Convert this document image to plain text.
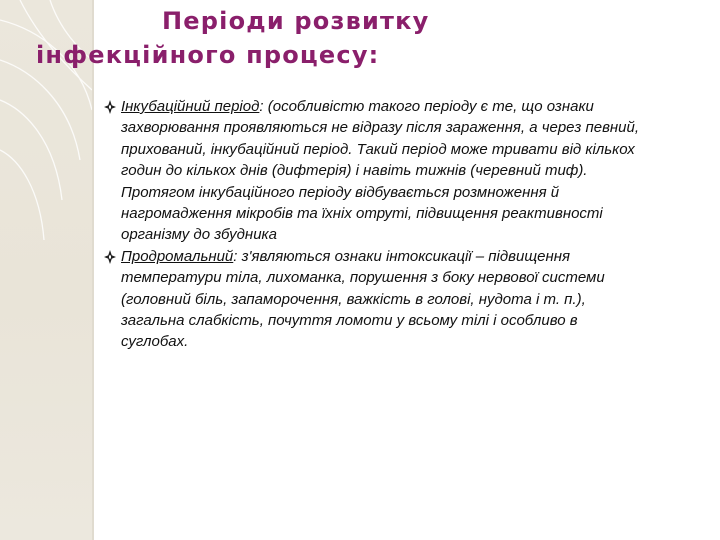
Періоди розвитку
інфекційного процесу:

Інкубаційний період: (особливістю такого періоду є те, що ознаки захворювання проявляються не відразу після зараження, а через певний, прихований, інкубаційний період. Такий період може тривати від кількох годин до кількох днів (дифтерія) і навіть тижнів (черевний тиф). Протягом інкубаційного періоду відбувається розмноження й нагромадження мікробів та їхніх отруті, підвищення реактивності організму до збудника

Продромальний: з'являються ознаки інтоксикації – підвищення температури тіла, лихоманка, порушення з боку нервової системи (головний біль, запаморочення, важкість в голові, нудота і т. п.), загальна слабкість, почуття ломоти у всьому тілі і особливо в суглобах.
